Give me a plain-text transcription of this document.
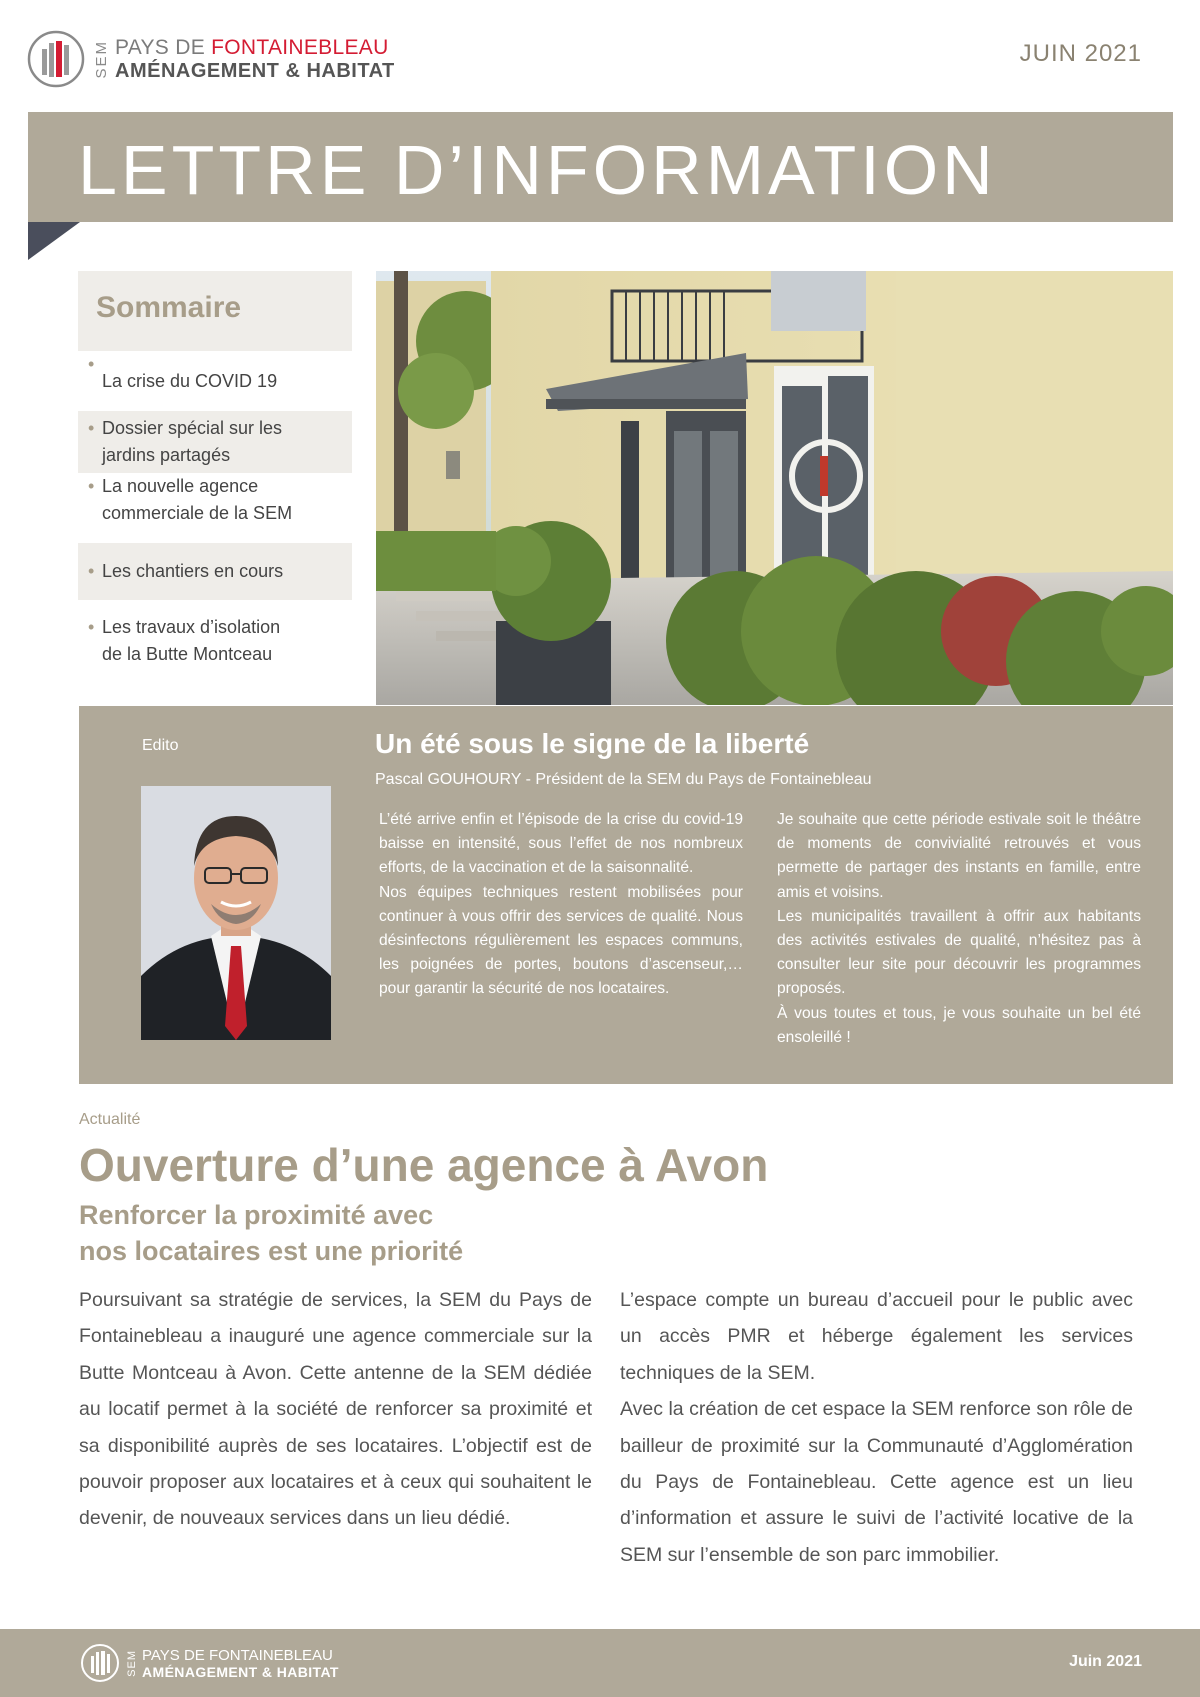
SEM PAYS DE FONTAINEBLEAU
AMÉNAGEMENT & HABITAT
JUIN 2021
LETTRE D’INFORMATION
Sommaire
•
La crise du COVID 19
• Dossier spécial sur les
jardins partagés
• La nouvelle agence
commerciale de la SEM
• Les chantiers en cours
• Les travaux d’isolation
de la Butte Montceau
Edito	Un été sous le signe de la liberté
Pascal GOUHOURY - Président de la SEM du Pays de Fontainebleau

L’été arrive enfin et l’épisode de la crise du covid-19 baisse en intensité, sous l’effet de nos nombreux efforts, de la vaccination et de la saisonnalité.

Nos équipes techniques restent mobilisées pour continuer à vous offrir des services de qualité. Nous désinfectons régulièrement les espaces communs, les poignées de portes, boutons d’ascenseur,… pour garantir la sécurité de nos locataires.

Je souhaite que cette période estivale soit le théâtre de moments de convivialité retrouvés et vous permette de partager des instants en famille, entre amis et voisins.

Les municipalités travaillent à offrir aux habitants des activités estivales de qualité, n’hésitez pas à consulter leur site pour découvrir les programmes proposés.

À vous toutes et tous, je vous souhaite un bel été ensoleillé !

Actualité
Ouverture d’une agence à Avon
Renforcer la proximité avec
nos locataires est une priorité

Poursuivant sa stratégie de services, la SEM du Pays de Fontainebleau a inauguré une agence commerciale sur la Butte Montceau à Avon. Cette antenne de la SEM dédiée au locatif permet à la société de renforcer sa proximité et sa disponibilité auprès de ses locataires. L’objectif est de pouvoir proposer aux locataires et à ceux qui souhaitent le devenir, de nouveaux services dans un lieu dédié.

L’espace compte un bureau d’accueil pour le public avec un accès PMR et héberge également les services techniques de la SEM.

Avec la création de cet espace la SEM renforce son rôle de bailleur de proximité sur la Communauté d’Agglomération du Pays de Fontainebleau. Cette agence est un lieu d’information et assure le suivi de l’activité locative de la SEM sur l’ensemble de son parc immobilier.

SEM PAYS DE FONTAINEBLEAU
AMÉNAGEMENT & HABITAT
Juin 2021
